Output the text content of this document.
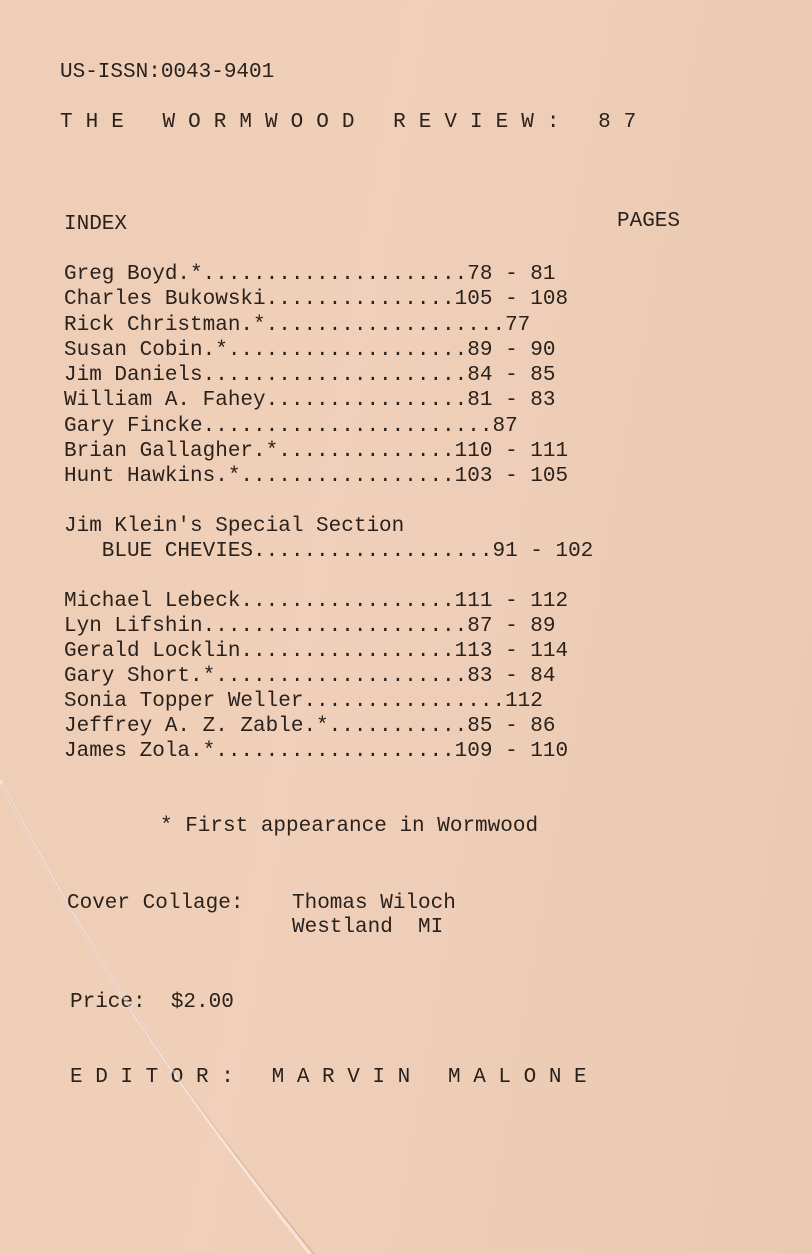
US-ISSN:0043-9401
THE WORMWOOD REVIEW: 87
INDEX	PAGES
Greg Boyd.*.....................78 - 81
Charles Bukowski...............105 - 108
Rick Christman.*...................77
Susan Cobin.*...................89 - 90
Jim Daniels.....................84 - 85
William A. Fahey................81 - 83
Gary Fincke.......................87
Brian Gallagher.*..............110 - 111
Hunt Hawkins.*.................103 - 105
Jim Klein's Special Section
BLUE CHEVIES...................91 - 102
Michael Lebeck.................111 - 112
Lyn Lifshin.....................87 - 89
Gerald Locklin.................113 - 114
Gary Short.*....................83 - 84
Sonia Topper Weller................112
Jeffrey A. Z. Zable.*...........85 - 86
James Zola.*...................109 - 110
* First appearance in Wormwood
Cover Collage: Thomas Wiloch
Westland  MI
Price:  $2.00
EDITOR: MARVIN MALONE
